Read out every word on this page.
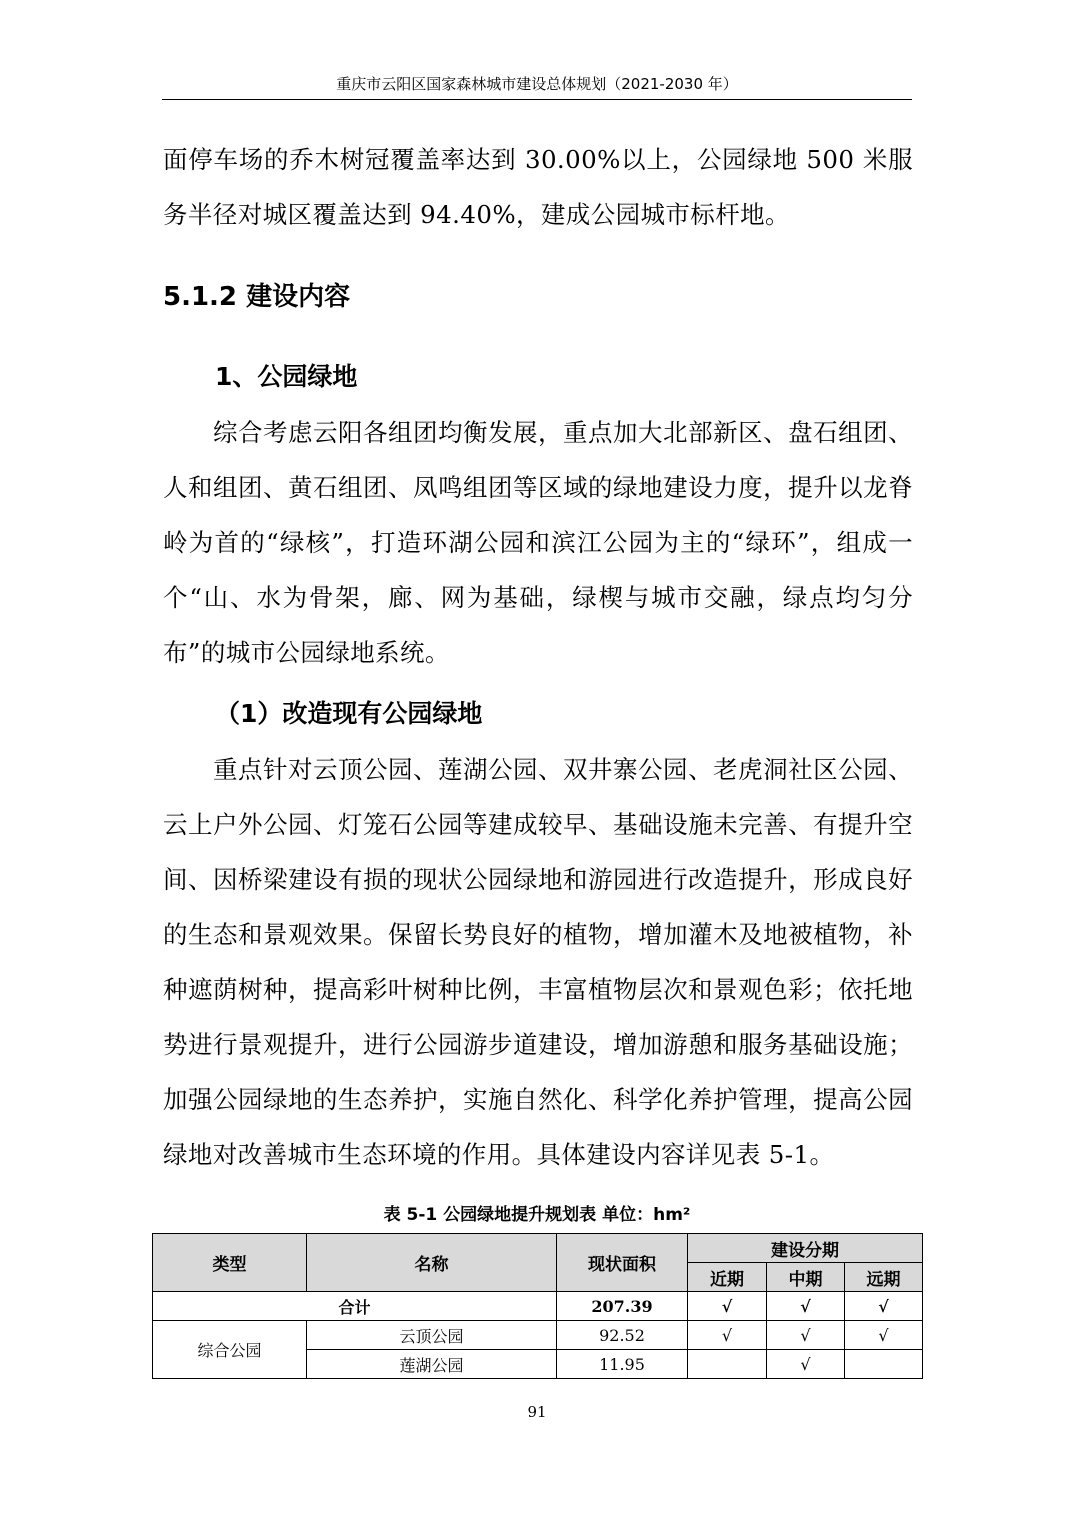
重庆市云阳区国家森林城市建设总体规划（2021-2030 年）

面停车场的乔木树冠覆盖率达到 30.00%以上，公园绿地 500 米服务半径对城区覆盖达到 94.40%，建成公园城市标杆地。

5.1.2 建设内容
1、公园绿地

综合考虑云阳各组团均衡发展，重点加大北部新区、盘石组团、人和组团、黄石组团、凤鸣组团等区域的绿地建设力度，提升以龙脊岭为首的“绿核”，打造环湖公园和滨江公园为主的“绿环”，组成一个“山、水为骨架，廊、网为基础，绿楔与城市交融，绿点均匀分布”的城市公园绿地系统。

（1）改造现有公园绿地

重点针对云顶公园、莲湖公园、双井寨公园、老虎洞社区公园、云上户外公园、灯笼石公园等建成较早、基础设施未完善、有提升空间、因桥梁建设有损的现状公园绿地和游园进行改造提升，形成良好的生态和景观效果。保留长势良好的植物，增加灌木及地被植物，补种遮荫树种，提高彩叶树种比例，丰富植物层次和景观色彩；依托地势进行景观提升，进行公园游步道建设，增加游憩和服务基础设施；加强公园绿地的生态养护，实施自然化、科学化养护管理，提高公园绿地对改善城市生态环境的作用。具体建设内容详见表 5-1。

表 5-1 公园绿地提升规划表 单位：hm²
类型	名称	现状面积	建设分期		
			近期	中期	远期
合计		207.39	√	√	√
综合公园	云顶公园	92.52	√	√	√
	莲湖公园	11.95		√	
91
